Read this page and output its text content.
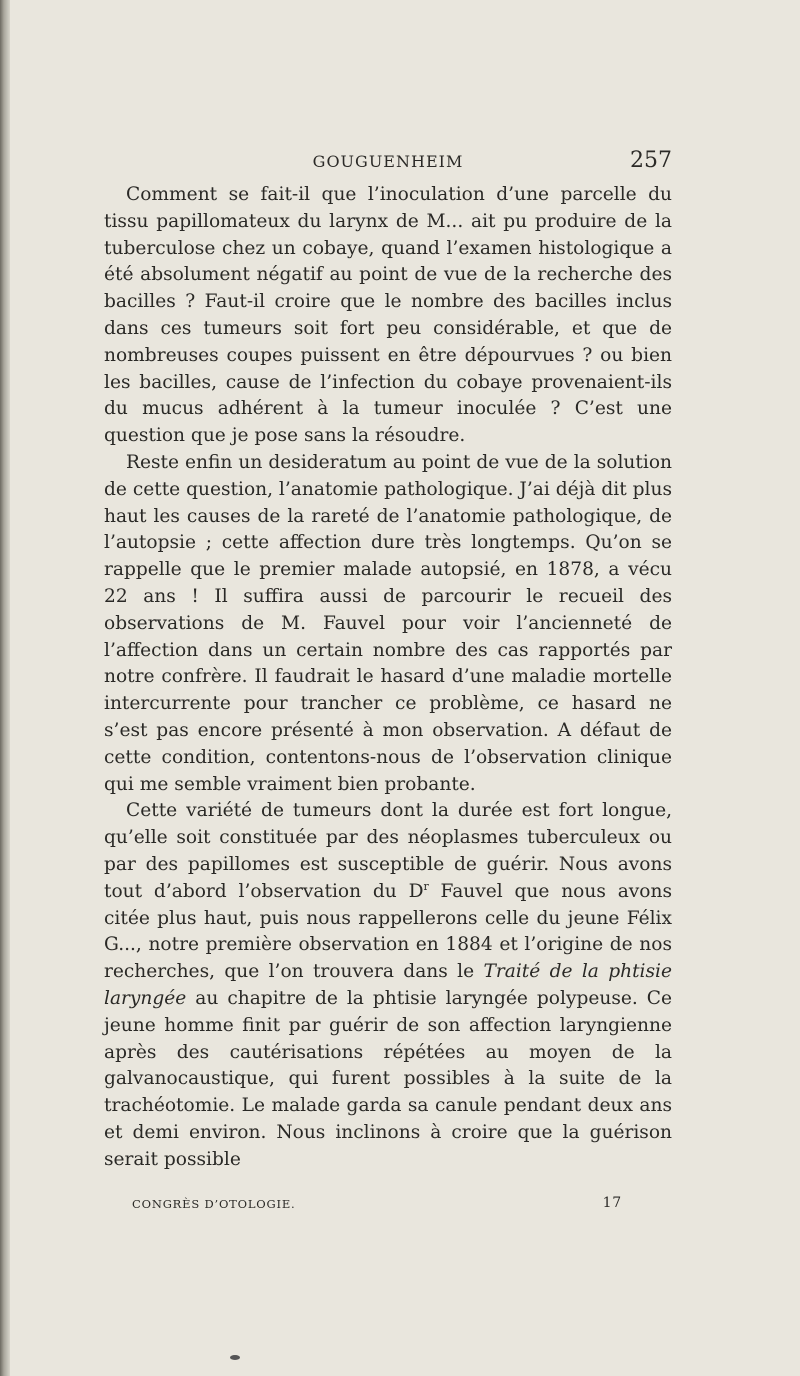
GOUGUENHEIM	257

Comment se fait-il que l’inoculation d’une parcelle du tissu papillomateux du larynx de M... ait pu produire de la tuberculose chez un cobaye, quand l’examen histologique a été absolument négatif au point de vue de la recherche des bacilles ? Faut-il croire que le nombre des bacilles inclus dans ces tumeurs soit fort peu considérable, et que de nombreuses coupes puissent en être dépourvues ? ou bien les bacilles, cause de l’infection du cobaye provenaient-ils du mucus adhérent à la tumeur inoculée ? C’est une question que je pose sans la résoudre.

Reste enfin un desideratum au point de vue de la solution de cette question, l’anatomie pathologique. J’ai déjà dit plus haut les causes de la rareté de l’anatomie pathologique, de l’autopsie ; cette affection dure très longtemps. Qu’on se rappelle que le premier malade autopsié, en 1878, a vécu 22 ans ! Il suffira aussi de parcourir le recueil des observations de M. Fauvel pour voir l’ancienneté de l’affection dans un certain nombre des cas rapportés par notre confrère. Il faudrait le hasard d’une maladie mortelle intercurrente pour trancher ce problème, ce hasard ne s’est pas encore présenté à mon observation. A défaut de cette condition, contentons-nous de l’observation clinique qui me semble vraiment bien probante.

Cette variété de tumeurs dont la durée est fort longue, qu’elle soit constituée par des néoplasmes tuberculeux ou par des papillomes est susceptible de guérir. Nous avons tout d’abord l’observation du $D^r$ Fauvel que nous avons citée plus haut, puis nous rappellerons celle du jeune Félix G..., notre première observation en 1884 et l’origine de nos recherches, que l’on trouvera dans le Traité de la phtisie laryngée au chapitre de la phtisie laryngée polypeuse. Ce jeune homme finit par guérir de son affection laryngienne après des cautérisations répétées au moyen de la galvanocaustique, qui furent possibles à la suite de la trachéotomie. Le malade garda sa canule pendant deux ans et demi environ. Nous inclinons à croire que la guérison serait possible

CONGRÈS D’OTOLOGIE.	17
